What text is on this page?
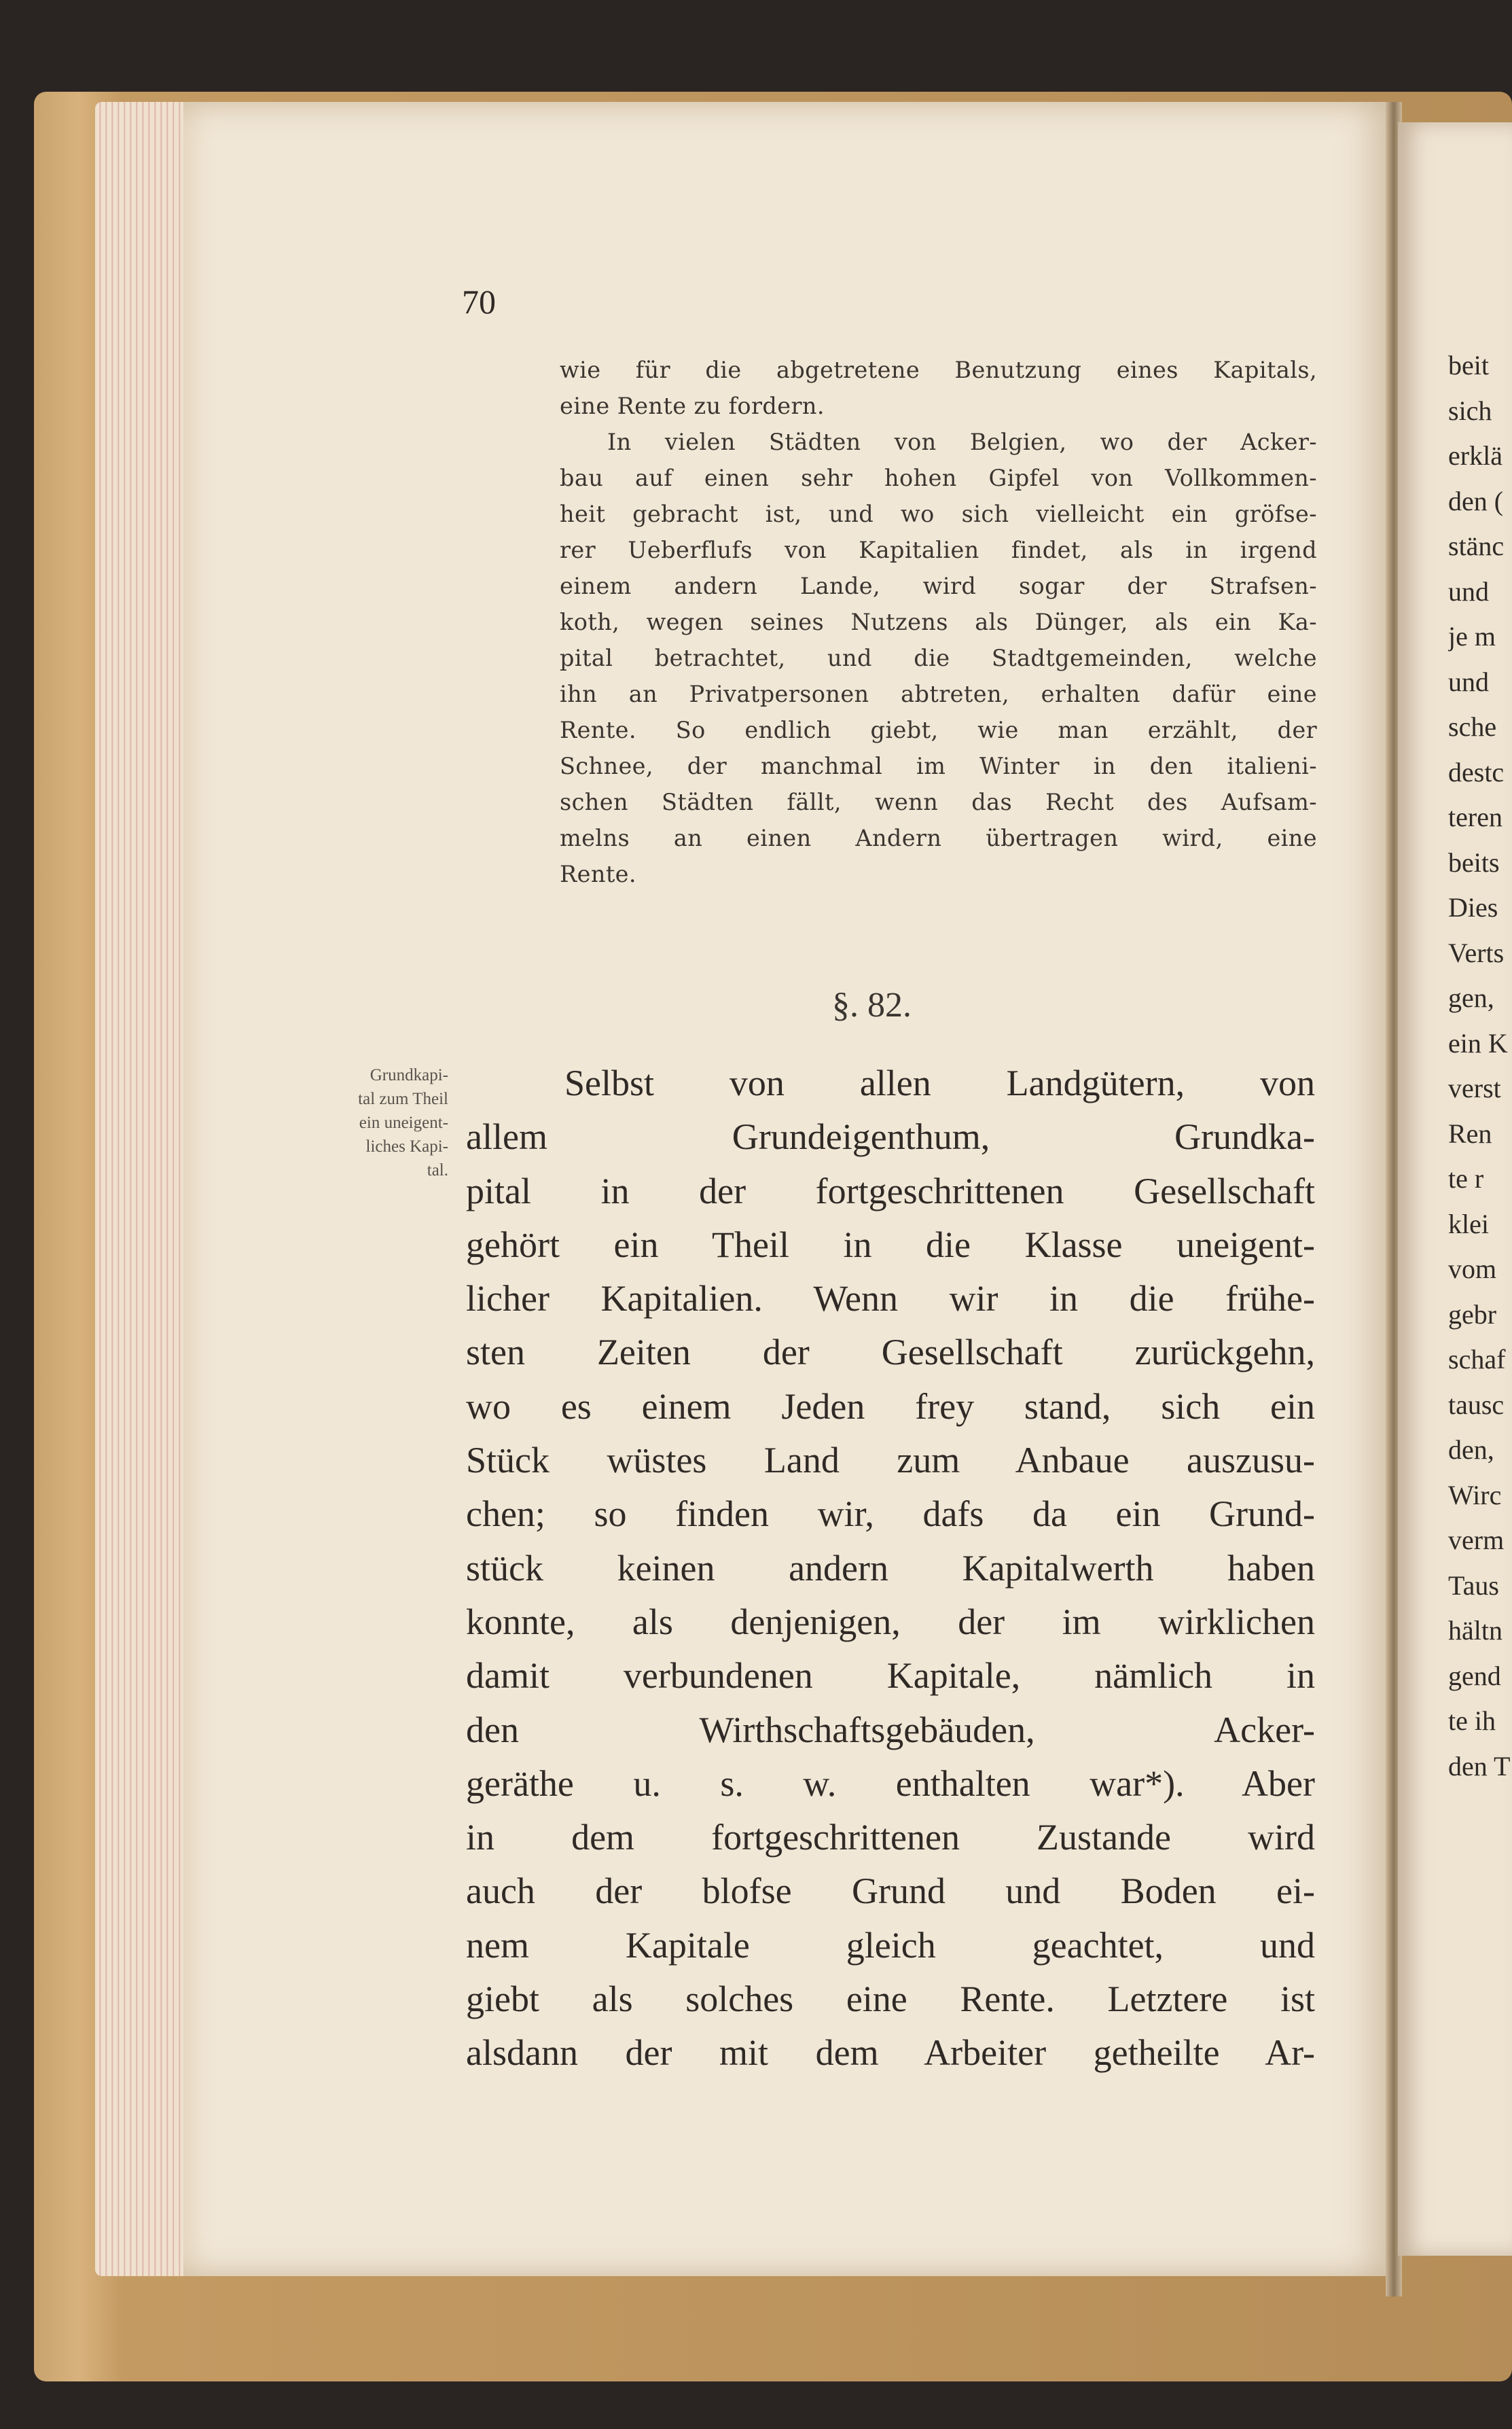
70
wie für die abgetretene Benutzung eines Kapitals,
eine Rente zu fordern.
In vielen Städten von Belgien, wo der Acker-
bau auf einen sehr hohen Gipfel von Vollkommen-
heit gebracht ist, und wo sich vielleicht ein gröfse-
rer Ueberflufs von Kapitalien findet, als in irgend
einem andern Lande, wird sogar der Strafsen-
koth, wegen seines Nutzens als Dünger, als ein Ka-
pital betrachtet, und die Stadtgemeinden, welche
ihn an Privatpersonen abtreten, erhalten dafür eine
Rente. So endlich giebt, wie man erzählt, der
Schnee, der manchmal im Winter in den italieni-
schen Städten fällt, wenn das Recht des Aufsam-
melns an einen Andern übertragen wird, eine
Rente.
§. 82.
Grundkapi-
tal zum Theil
ein uneigent-
liches Kapi-
tal.
Selbst von allen Landgütern, von
allem Grundeigenthum, Grundka-
pital in der fortgeschrittenen Gesellschaft
gehört ein Theil in die Klasse uneigent-
licher Kapitalien. Wenn wir in die frühe-
sten Zeiten der Gesellschaft zurückgehn,
wo es einem Jeden frey stand, sich ein
Stück wüstes Land zum Anbaue auszusu-
chen; so finden wir, dafs da ein Grund-
stück keinen andern Kapitalwerth haben
konnte, als denjenigen, der im wirklichen
damit verbundenen Kapitale, nämlich in
den Wirthschaftsgebäuden, Acker-
geräthe u. s. w. enthalten war*). Aber
in dem fortgeschrittenen Zustande wird
auch der blofse Grund und Boden ei-
nem Kapitale gleich geachtet, und
giebt als solches eine Rente. Letztere ist
alsdann der mit dem Arbeiter getheilte Ar-
beit
sich
erklä
den (
stänc
und
je m
und
sche
destc
teren
beits
Dies
Verts
gen,
ein K
verst
Ren
te r
klei
vom
gebr
schaf
tausc
den,
Wirc
verm
Taus
hältn
gend
te ih
den T
